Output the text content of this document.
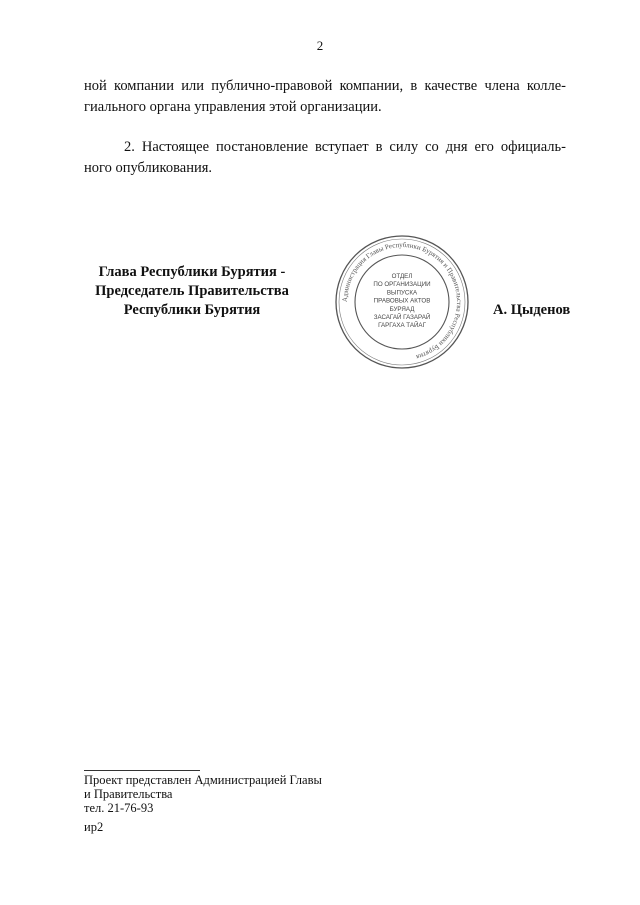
2
ной компании или публично-правовой компании, в качестве члена колле-
гиального органа управления этой организации.
2. Настоящее постановление вступает в силу со дня его официаль-
ного опубликования.
Глава Республики Бурятия -
Председатель Правительства
Республики Бурятия
Администрация Главы Республики Бурятия и Правительства Республики Бурятия
ОТДЕЛ
ПО ОРГАНИЗАЦИИ
ВЫПУСКА
ПРАВОВЫХ АКТОВ
БУРЯАД
ЗАСАГАЙ ГАЗАРАЙ
ГАРГАХА ТАЙАГ
А. Цыденов
Проект представлен Администрацией Главы
и Правительства
тел. 21-76-93
ир2
